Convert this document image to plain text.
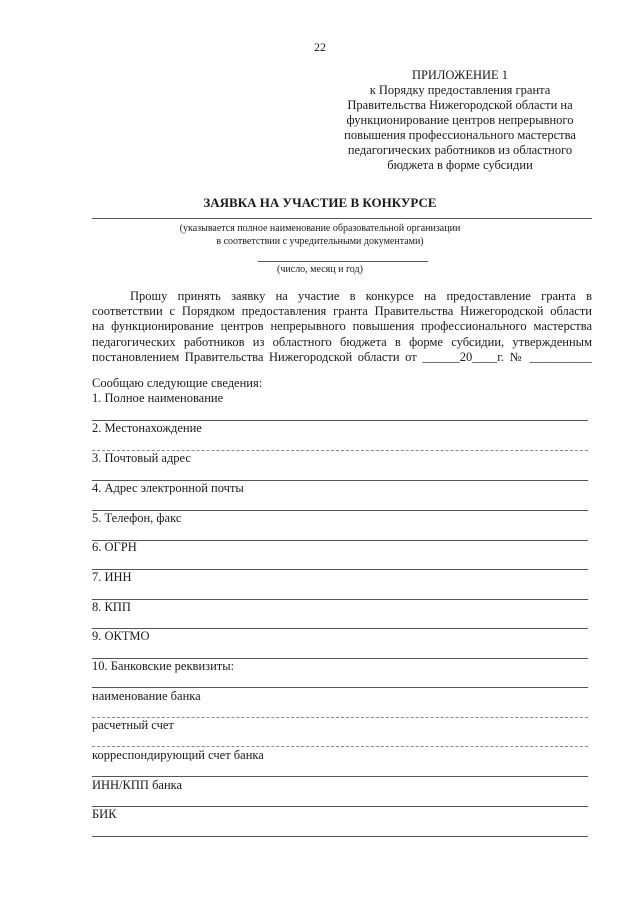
22
ПРИЛОЖЕНИЕ 1
к Порядку предоставления гранта
Правительства Нижегородской области на
функционирование центров непрерывного
повышения профессионального мастерства
педагогических работников из областного
бюджета в форме субсидии
ЗАЯВКА НА УЧАСТИЕ В КОНКУРСЕ
(указывается полное наименование образовательной организации
в соответствии с учредительными документами)
(число, месяц и год)
Прошу принять заявку на участие в конкурсе на предоставление гранта в
соответствии с Порядком предоставления гранта Правительства Нижегородской области
на функционирование центров непрерывного повышения профессионального мастерства
педагогических работников из областного бюджета в форме субсидии, утвержденным
постановлением Правительства Нижегородской области от ______20____г. № __________
Сообщаю следующие сведения:
1. Полное наименование
2. Местонахождение
3. Почтовый адрес
4. Адрес электронной почты
5. Телефон, факс
6. ОГРН
7. ИНН
8. КПП
9. ОКТМО
10. Банковские реквизиты:
наименование банка
расчетный счет
корреспондирующий счет банка
ИНН/КПП банка
БИК
